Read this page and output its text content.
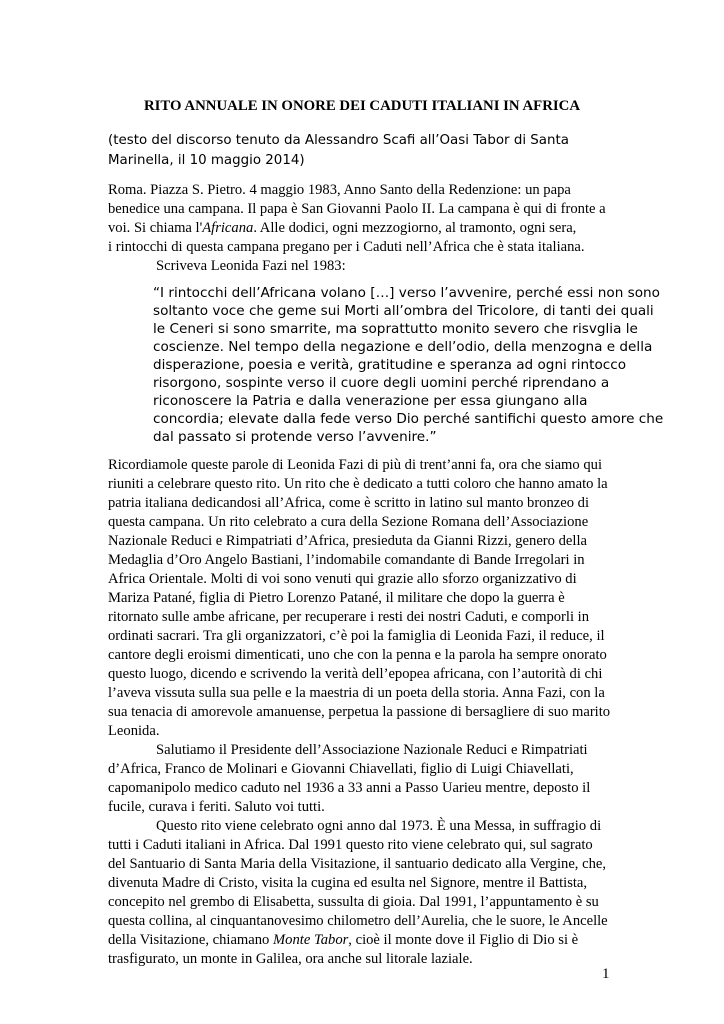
RITO ANNUALE IN ONORE DEI CADUTI ITALIANI IN AFRICA
(testo del discorso tenuto da Alessandro Scafi all’Oasi Tabor di Santa Marinella, il 10 maggio 2014)
Roma. Piazza S. Pietro. 4 maggio 1983, Anno Santo della Redenzione: un papa
benedice una campana. Il papa è San Giovanni Paolo II. La campana è qui di fronte a
voi. Si chiama l'Africana. Alle dodici, ogni mezzogiorno, al tramonto, ogni sera,
i rintocchi di questa campana pregano per i Caduti nell’Africa che è stata italiana.
Scriveva Leonida Fazi nel 1983:
“I rintocchi dell’Africana volano […] verso l’avvenire, perché essi non sono
soltanto voce che geme sui Morti all’ombra del Tricolore, di tanti dei quali
le Ceneri si sono smarrite, ma soprattutto monito severo che risvglia le
coscienze. Nel tempo della negazione e dell’odio, della menzogna e della
disperazione, poesia e verità, gratitudine e speranza ad ogni rintocco
risorgono, sospinte verso il cuore degli uomini perché riprendano a
riconoscere la Patria e dalla venerazione per essa giungano alla
concordia; elevate dalla fede verso Dio perché santifichi questo amore che
dal passato si protende verso l’avvenire.”
Ricordiamole queste parole di Leonida Fazi di più di trent’anni fa, ora che siamo qui
riuniti a celebrare questo rito. Un rito che è dedicato a tutti coloro che hanno amato la
patria italiana dedicandosi all’Africa, come è scritto in latino sul manto bronzeo di
questa campana. Un rito celebrato a cura della Sezione Romana dell’Associazione
Nazionale Reduci e Rimpatriati d’Africa, presieduta da Gianni Rizzi, genero della
Medaglia d’Oro Angelo Bastiani, l’indomabile comandante di Bande Irregolari in
Africa Orientale. Molti di voi sono venuti qui grazie allo sforzo organizzativo di
Mariza Patané, figlia di Pietro Lorenzo Patané, il militare che dopo la guerra è
ritornato sulle ambe africane, per recuperare i resti dei nostri Caduti, e comporli in
ordinati sacrari. Tra gli organizzatori, c’è poi la famiglia di Leonida Fazi, il reduce, il
cantore degli eroismi dimenticati, uno che con la penna e la parola ha sempre onorato
questo luogo, dicendo e scrivendo la verità dell’epopea africana, con l’autorità di chi
l’aveva vissuta sulla sua pelle e la maestria di un poeta della storia. Anna Fazi, con la
sua tenacia di amorevole amanuense, perpetua la passione di bersagliere di suo marito
Leonida.
Salutiamo il Presidente dell’Associazione Nazionale Reduci e Rimpatriati
d’Africa, Franco de Molinari e Giovanni Chiavellati, figlio di Luigi Chiavellati,
capomanipolo medico caduto nel 1936 a 33 anni a Passo Uarieu mentre, deposto il
fucile, curava i feriti. Saluto voi tutti.
Questo rito viene celebrato ogni anno dal 1973. È una Messa, in suffragio di
tutti i Caduti italiani in Africa. Dal 1991 questo rito viene celebrato qui, sul sagrato
del Santuario di Santa Maria della Visitazione, il santuario dedicato alla Vergine, che,
divenuta Madre di Cristo, visita la cugina ed esulta nel Signore, mentre il Battista,
concepito nel grembo di Elisabetta, sussulta di gioia. Dal 1991, l’appuntamento è su
questa collina, al cinquantanovesimo chilometro dell’Aurelia, che le suore, le Ancelle
della Visitazione, chiamano Monte Tabor, cioè il monte dove il Figlio di Dio si è
trasfigurato, un monte in Galilea, ora anche sul litorale laziale.
1
